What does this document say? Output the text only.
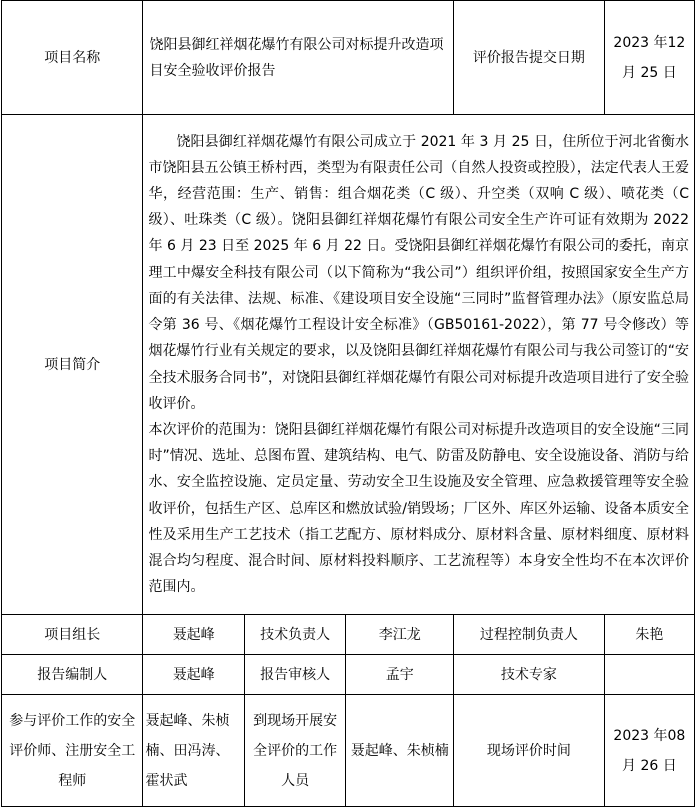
项目名称	饶阳县御红祥烟花爆竹有限公司对标提升改造项目安全验收评价报告			评价报告提交日期	2023 年12 月 25 日
项目简介	饶阳县御红祥烟花爆竹有限公司成立于 2021 年 3 月 25 日，住所位于河北省衡水市饶阳县五公镇王桥村西，类型为有限责任公司（自然人投资或控股），法定代表人王爱华，经营范围：生产、销售：组合烟花类（C 级）、升空类（双响 C 级）、喷花类（C 级）、吐珠类（C 级）。饶阳县御红祥烟花爆竹有限公司安全生产许可证有效期为 2022 年 6 月 23 日至 2025 年 6 月 22 日。受饶阳县御红祥烟花爆竹有限公司的委托，南京理工中爆安全科技有限公司（以下简称为“我公司”）组织评价组，按照国家安全生产方面的有关法律、法规、标准、《建设项目安全设施“三同时”监督管理办法》（原安监总局令第 36 号、《烟花爆竹工程设计安全标准》（GB50161-2022），第 77 号令修改）等烟花爆竹行业有关规定的要求，以及饶阳县御红祥烟花爆竹有限公司与我公司签订的“安全技术服务合同书”，对饶阳县御红祥烟花爆竹有限公司对标提升改造项目进行了安全验收评价。

本次评价的范围为：饶阳县御红祥烟花爆竹有限公司对标提升改造项目的安全设施“三同时”情况、选址、总图布置、建筑结构、电气、防雷及防静电、安全设施设备、消防与给水、安全监控设施、定员定量、劳动安全卫生设施及安全管理、应急救援管理等安全验收评价，包括生产区、总库区和燃放试验/销毁场；厂区外、库区外运输、设备本质安全性及采用生产工艺技术（指工艺配方、原材料成分、原材料含量、原材料细度、原材料混合均匀程度、混合时间、原材料投料顺序、工艺流程等）本身安全性均不在本次评价范围内。				

项目组长	聂起峰	技术负责人	李江龙	过程控制负责人	朱艳
报告编制人	聂起峰	报告审核人	孟宇	技术专家	
参与评价工作的安全评价师、注册安全工程师	聂起峰、朱桢楠、田冯涛、霍状武	到现场开展安全评价的工作人员	聂起峰、朱桢楠	现场评价时间	2023 年08 月 26 日
